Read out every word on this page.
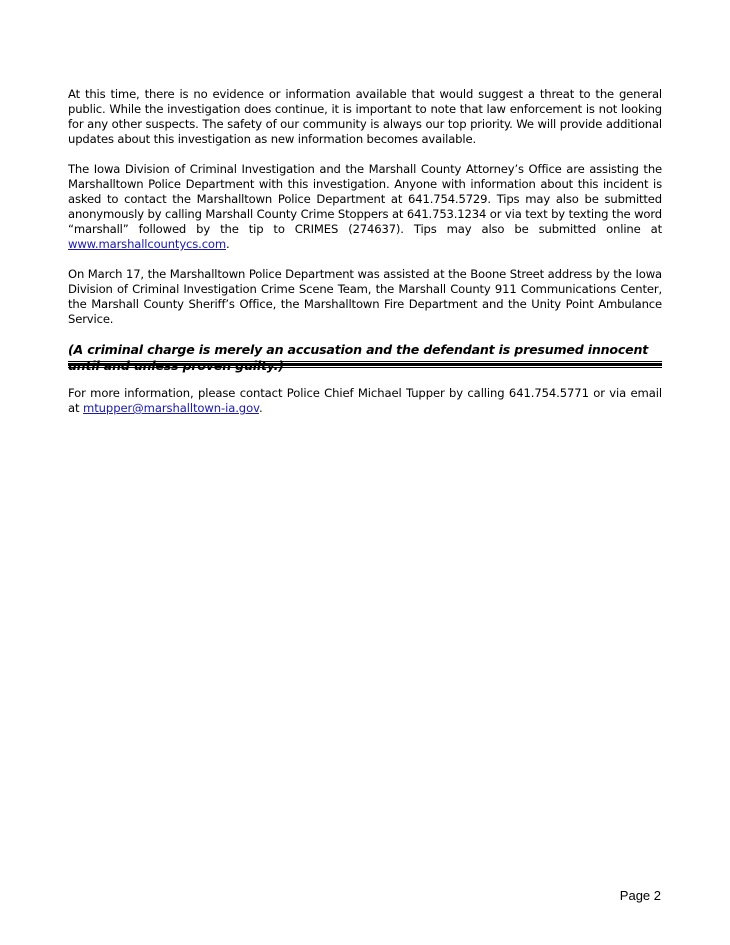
At this time, there is no evidence or information available that would suggest a threat to the general public. While the investigation does continue, it is important to note that law enforcement is not looking for any other suspects. The safety of our community is always our top priority. We will provide additional updates about this investigation as new information becomes available.

The Iowa Division of Criminal Investigation and the Marshall County Attorney’s Office are assisting the Marshalltown Police Department with this investigation. Anyone with information about this incident is asked to contact the Marshalltown Police Department at 641.754.5729. Tips may also be submitted anonymously by calling Marshall County Crime Stoppers at 641.753.1234 or via text by texting the word “marshall” followed by the tip to CRIMES (274637). Tips may also be submitted online at www.marshallcountycs.com.

On March 17, the Marshalltown Police Department was assisted at the Boone Street address by the Iowa Division of Criminal Investigation Crime Scene Team, the Marshall County 911 Communications Center, the Marshall County Sheriff’s Office, the Marshalltown Fire Department and the Unity Point Ambulance Service.

(A criminal charge is merely an accusation and the defendant is presumed innocent

For more information, please contact Police Chief Michael Tupper by calling 641.754.5771 or via email at mtupper@marshalltown-ia.gov.

Page 2
